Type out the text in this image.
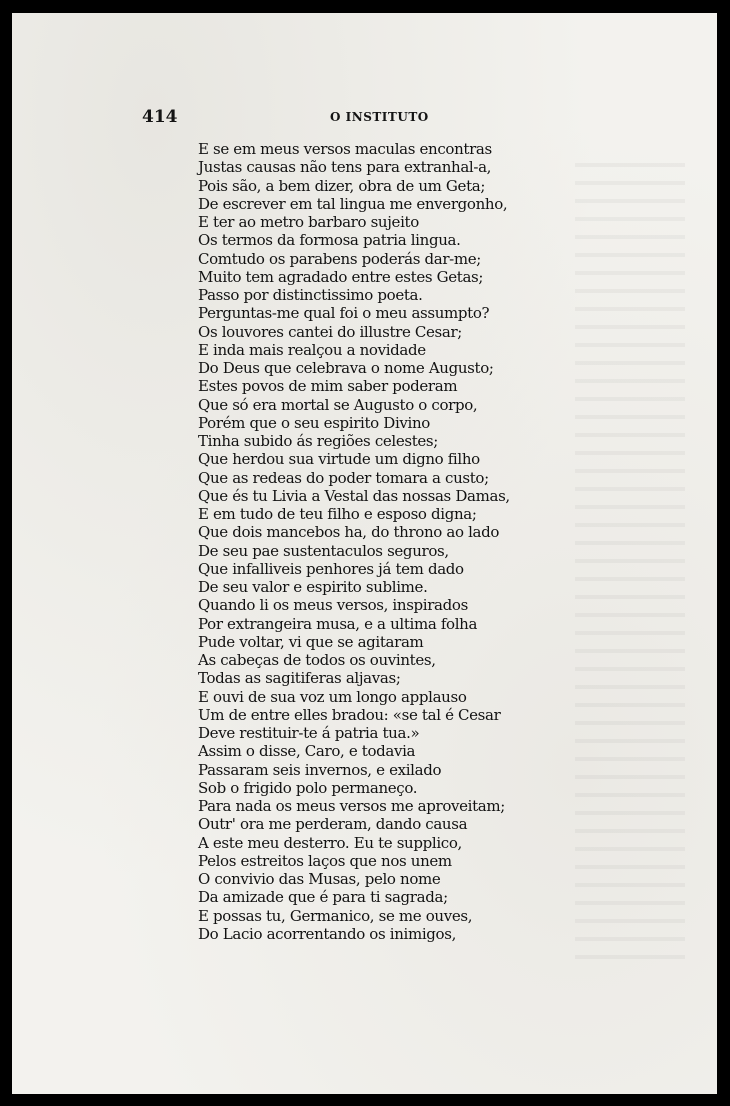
414	O INSTITUTO
E se em meus versos maculas encontras
Justas causas não tens para extranhal-a,
Pois são, a bem dizer, obra de um Geta;
De escrever em tal lingua me envergonho,
E ter ao metro barbaro sujeito
Os termos da formosa patria lingua.
Comtudo os parabens poderás dar-me;
Muito tem agradado entre estes Getas;
Passo por distinctissimo poeta.
Perguntas-me qual foi o meu assumpto?
Os louvores cantei do illustre Cesar;
E inda mais realçou a novidade
Do Deus que celebrava o nome Augusto;
Estes povos de mim saber poderam
Que só era mortal se Augusto o corpo,
Porém que o seu espirito Divino
Tinha subido ás regiões celestes;
Que herdou sua virtude um digno filho
Que as redeas do poder tomara a custo;
Que és tu Livia a Vestal das nossas Damas,
E em tudo de teu filho e esposo digna;
Que dois mancebos ha, do throno ao lado
De seu pae sustentaculos seguros,
Que infalliveis penhores já tem dado
De seu valor e espirito sublime.
Quando li os meus versos, inspirados
Por extrangeira musa, e a ultima folha
Pude voltar, vi que se agitaram
As cabeças de todos os ouvintes,
Todas as sagitiferas aljavas;
E ouvi de sua voz um longo applauso
Um de entre elles bradou: «se tal é Cesar
Deve restituir-te á patria tua.»
Assim o disse, Caro, e todavia
Passaram seis invernos, e exilado
Sob o frigido polo permaneço.
Para nada os meus versos me aproveitam;
Outr' ora me perderam, dando causa
A este meu desterro. Eu te supplico,
Pelos estreitos laços que nos unem
O convivio das Musas, pelo nome
Da amizade que é para ti sagrada;
E possas tu, Germanico, se me ouves,
Do Lacio acorrentando os inimigos,
